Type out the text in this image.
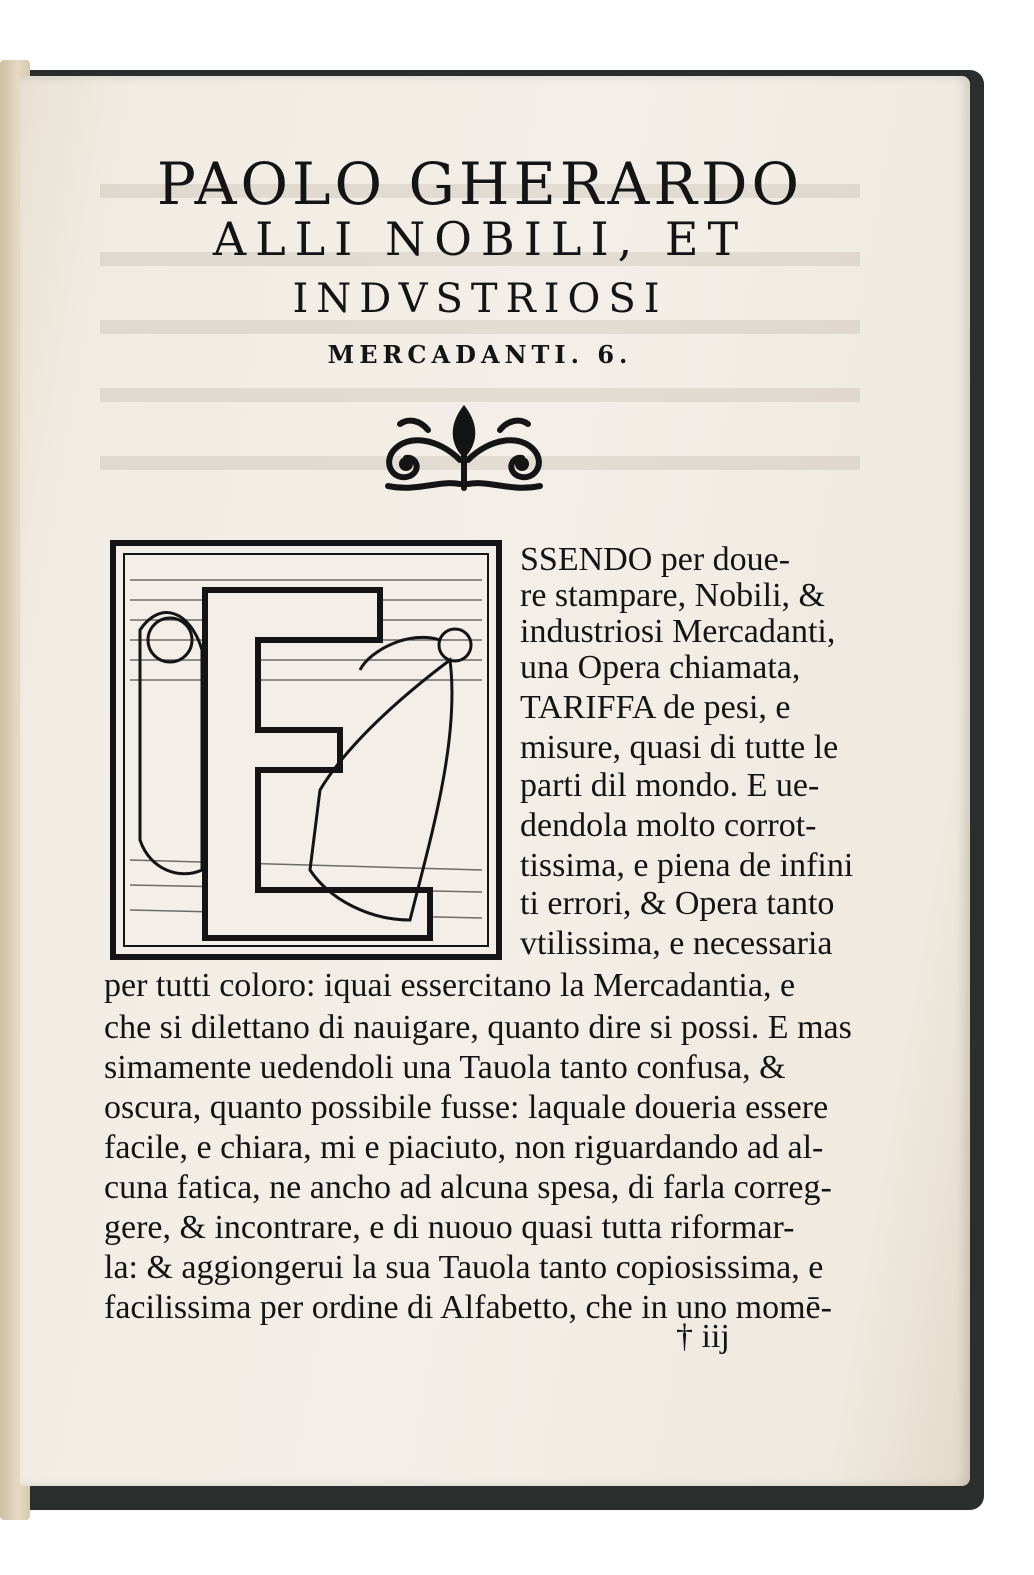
PAOLO GHERARDO
ALLI NOBILI, ET
INDVSTRIOSI
MERCADANTI. 6.
SSENDO per doue-
re stampare, Nobili, &
industriosi Mercadanti,
una Opera chiamata,
TARIFFA de pesi, e
misure, quasi di tutte le
parti dil mondo. E ue-
dendola molto corrot-
tissima, e piena de infini
ti errori, & Opera tanto
vtilissima, e necessaria
per tutti coloro: iquai essercitano la Mercadantia, e
che si dilettano di nauigare, quanto dire si possi. E mas
simamente uedendoli una Tauola tanto confusa, &
oscura, quanto possibile fusse: laquale doueria essere
facile, e chiara, mi e piaciuto, non riguardando ad al-
cuna fatica, ne ancho ad alcuna spesa, di farla correg-
gere, & incontrare, e di nuouo quasi tutta riformar-
la: & aggiongerui la sua Tauola tanto copiosissima, e
facilissima per ordine di Alfabetto, che in uno momē-
† iij
